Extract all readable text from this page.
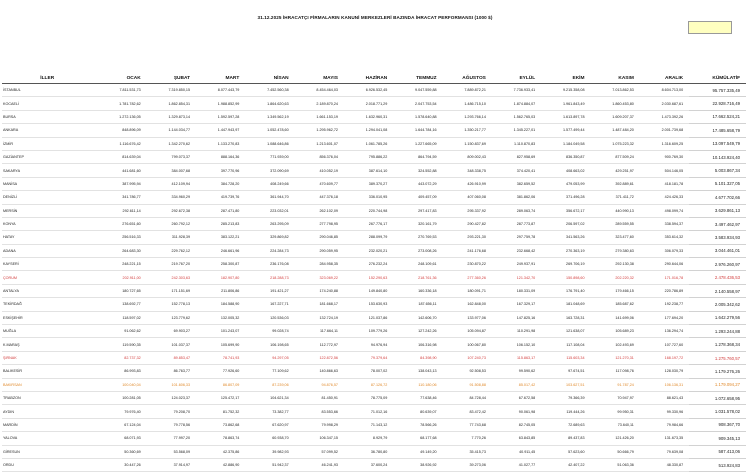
31.12.2025 İHRACATÇI FİRMALARIN KANUNİ MERKEZLERİ BAZINDA İHRACAT PERFORMANSI (1000 $)
İLLER	OCAK	ŞUBAT	MART	NİSAN	MAYIS	HAZİRAN	TEMMUZ	AĞUSTOS	EYLÜL	EKİM	KASIM	ARALIK	KÜMÜLATİF
İSTANBUL	7.811.531,73	7.319.850,15	8.077.443,79	7.452.560,38	8.454.464,03	6.926.532,45	9.047.559,88	7.889.872,21	7.736.933,41	9.215.358,08	7.013.862,53	8.604.713,00	95.757.335,49
KOCAELİ	1.781.782,62	1.862.854,31	1.988.852,99	1.864.620,63	2.189.870,24	2.018.771,29	2.047.753,54	1.486.715,10	1.874.884,07	1.961.843,49	1.860.453,80	2.030.687,61	22.928.716,49
BURSA	1.272.136,05	1.329.873,14	1.592.597,28	1.349.562,19	1.661.153,19	1.632.960,31	1.578.640,88	1.293.766,14	1.562.765,03	1.613.897,78	1.609.207,37	1.473.392,26	17.662.524,21
ANKARA	848.896,09	1.144.034,77	1.447.943,97	1.052.478,60	1.295.962,72	1.294.041,08	1.644.784,16	1.350.217,77	1.345.227,01	1.577.499,44	1.487.484,20	2.001.739,68	17.485.658,79
İZMİR	1.116.676,42	1.342.270,62	1.133.270,83	1.088.646,86	1.213.601,07	1.061.785,26	1.227.665,09	1.150.837,69	1.110.870,83	1.184.049,58	1.075.223,32	1.316.609,25	13.097.549,79
GAZİANTEP	814.639,04	799.073,37	888.164,36	771.939,00	856.376,04	795.886,22	864.794,59	809.002,43	827.958,69	836.350,87	877.509,24	900.769,30	10.143.924,40
SAKARYA	441.681,60	384.007,68	397.770,96	372.090,69	410.052,19	387.614,10	324.552,88	348.338,75	374.420,41	408.663,02	429.251,97	504.146,05	5.003.867,34
MANİSA	387.995,94	412.109,94	384.728,20	408.249,66	470.609,77	389.370,27	443.072,29	426.910,99	382.659,52	479.053,99	392.889,61	418.181,78	5.101.327,05
DENİZLİ	341.786,77	334.960,29	419.739,76	361.944,70	447.376,18	336.010,95	409.457,09	407.060,08	381.862,06	371.496,28	371.411,72	424.426,33	4.677.702,66
MERSİN	292.611,14	292.672,38	287.471,80	223.032,01	262.102,09	220.744,98	297.417,83	295.337,92	289.063,74	356.672,17	440.990,13	498.099,74	3.629.861,13
KONYA	276.651,60	260.792,12	285.213,83	263.295,09	277.798,95	267.776,17	320.161,79	290.427,82	287.773,87	206.597,02	289.559,55	338.594,37	3.497.462,97
HATAY	256.516,33	311.928,39	383.122,21	329.869,82	290.046,85	288.099,79	270.769,53	293.221,30	297.759,78	341.563,26	323.477,60	353.614,32	3.583.934,93
ADANA	264.683,30	229.762,12	246.661,96	224.284,73	290.059,95	232.020,21	273.008,26	241.176,68	232.668,42	270.363,19	279.380,63	306.079,33	3.044.461,01
KAYSERİ	248.221,15	219.767,20	258.300,87	236.176,08	284.958,35	276.232,24	248.109,61	230.870,22	249.937,91	269.706,19	292.130,38	290.644,06	2.976.260,97
ÇORUM	202.911,00	242.303,63	182.907,80	218.288,73	323.069,22	152.290,63	218.761,36	277.360,26	121.342,70	150.898,60	202.220,32	171.016,78	2.478.436,53
ANTALYA	180.727,65	171.151,69	211.806,86	191.421,27	174.240,88	149.840,80	160.336,18	180.091,71	180.331,09	176.791,40	179.466,15	220.786,89	2.140.558,97
TEKİRDAĞ	138.692,77	152.778,13	184.588,90	167.227,71	181.668,17	153.630,93	187.656,11	162.848,00	167.329,17	181.048,69	185.687,62	192.238,77	2.005.342,62
ESKİŞEHİR	118.597,02	123.779,62	132.005,32	120.536,03	132.724,19	121.037,86	142.606,70	133.977,06	147.825,16	163.728,31	141.699,06	177.694,20	1.642.279,56
MUĞLA	91.062,62	69.903,27	101.243,07	99.028,74	117.664,11	109.779,26	127.242,26	105.094,87	110.291,98	121.638,07	105.689,23	136.294,74	1.293.244,88
K.MARAŞ	119.590,35	101.037,37	105.699,90	106.198,65	112.772,97	94.976,94	106.316,98	100.067,80	106.152,10	117.108,04	102.493,69	107.727,60	1.278.368,34
ŞIRNAK	82.737,32	89.853,47	78.741,93	94.297,05	122.872,56	79.379,64	84.398,90	107.240,73	115.863,17	115.603,34	121.270,31	168.197,72	1.275.760,57
BALIKESİR	86.993,83	86.763,77	77.926,60	77.109,62	140.866,63	78.007,02	138.043,13	92.508,53	99.590,62	97.674,51	117.098,76	128.030,79	1.179.276,26
BAKIRSAN	100.040,04	101.606,33	86.807,09	87.239,06	94.876,57	87.126,72	110.180,06	91.508,88	85.017,42	103.627,51	91.787,24	106.136,31	1.179.094,27
TRABZON	100.281,05	124.023,37	125.472,17	104.621,34	81.450,91	78.775,09	77.638,46	84.728,44	67.672,58	79.366,39	70.947,97	88.621,43	1.072.658,95
AYDIN	79.976,40	79.208,70	81.752,32	73.382,77	83.553,66	71.012,16	80.639,07	83.472,42	90.061,98	119.444,26	99.950,31	99.330,96	1.031.578,02
MARDİN	67.124,04	79.778,56	73.862,68	67.620,97	79.998,29	71.143,12	78.566,26	77.743,68	82.745,05	72.689,63	73.640,11	79.984,66	908.367,70
YALOVA	68.071,93	77.997,20	78.863,74	60.938,70	106.347,15	8.929,79	68.177,68	7.770,26	63.843,85	89.437,83	121.426,20	131.673,35	909.345,13
GİRESUN	50.360,69	53.568,09	42.375,86	39.982,93	57.099,52	36.780,80	49.149,20	35.415,73	40.911,45	57.623,60	50.666,79	79.639,08	587.413,06
ORDU	30.447,26	37.914,97	42.886,90	51.942,37	46.241,93	37.600,24	38.926,92	39.273,06	41.027,77	42.407,22	51.063,36	48.330,87	513.924,83
